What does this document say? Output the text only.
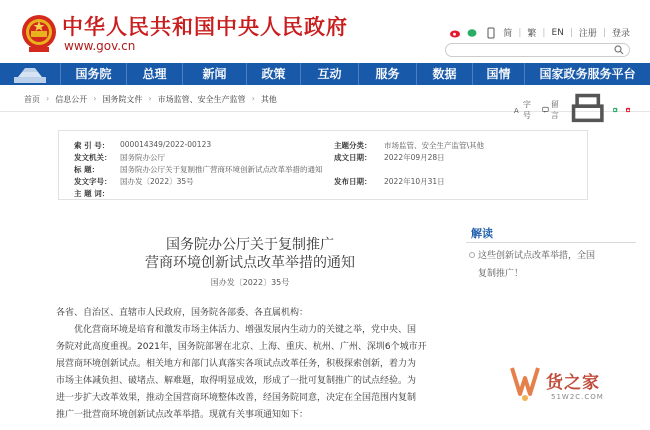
中华人民共和国中央人民政府
www.gov.cn
简 | 繁 | EN | 注册 | 登录
国务院	总理	新闻	政策	互动	服务	数据	国情	国家政务服务平台
首页 › 信息公开 › 国务院文件 › 市场监管、安全生产监管 › 其他
A
字号
留言
索 引 号：	000014349/2022-00123	主题分类： 市场监管、安全生产监管\其他
发文机关：	国务院办公厅	成文日期： 2022年09月28日
标 题：	国务院办公厅关于复制推广营商环境创新试点改革举措的通知
发文字号：	国办发〔2022〕35号	发布日期： 2022年10月31日
主 题 词：
国务院办公厅关于复制推广
营商环境创新试点改革举措的通知
国办发〔2022〕35号
各省、自治区、直辖市人民政府，国务院各部委、各直属机构：
优化营商环境是培育和激发市场主体活力、增强发展内生动力的关键之举，党中央、国
务院对此高度重视。2021年，国务院部署在北京、上海、重庆、杭州、广州、深圳6个城市开
展营商环境创新试点。相关地方和部门认真落实各项试点改革任务，积极探索创新，着力为
市场主体减负担、破堵点、解难题，取得明显成效，形成了一批可复制推广的试点经验。为
进一步扩大改革效果，推动全国营商环境整体改善，经国务院同意，决定在全国范围内复制
推广一批营商环境创新试点改革举措。现就有关事项通知如下：
解读
这些创新试点改革举措，全国
复制推广！
货之家
51W2C.COM
